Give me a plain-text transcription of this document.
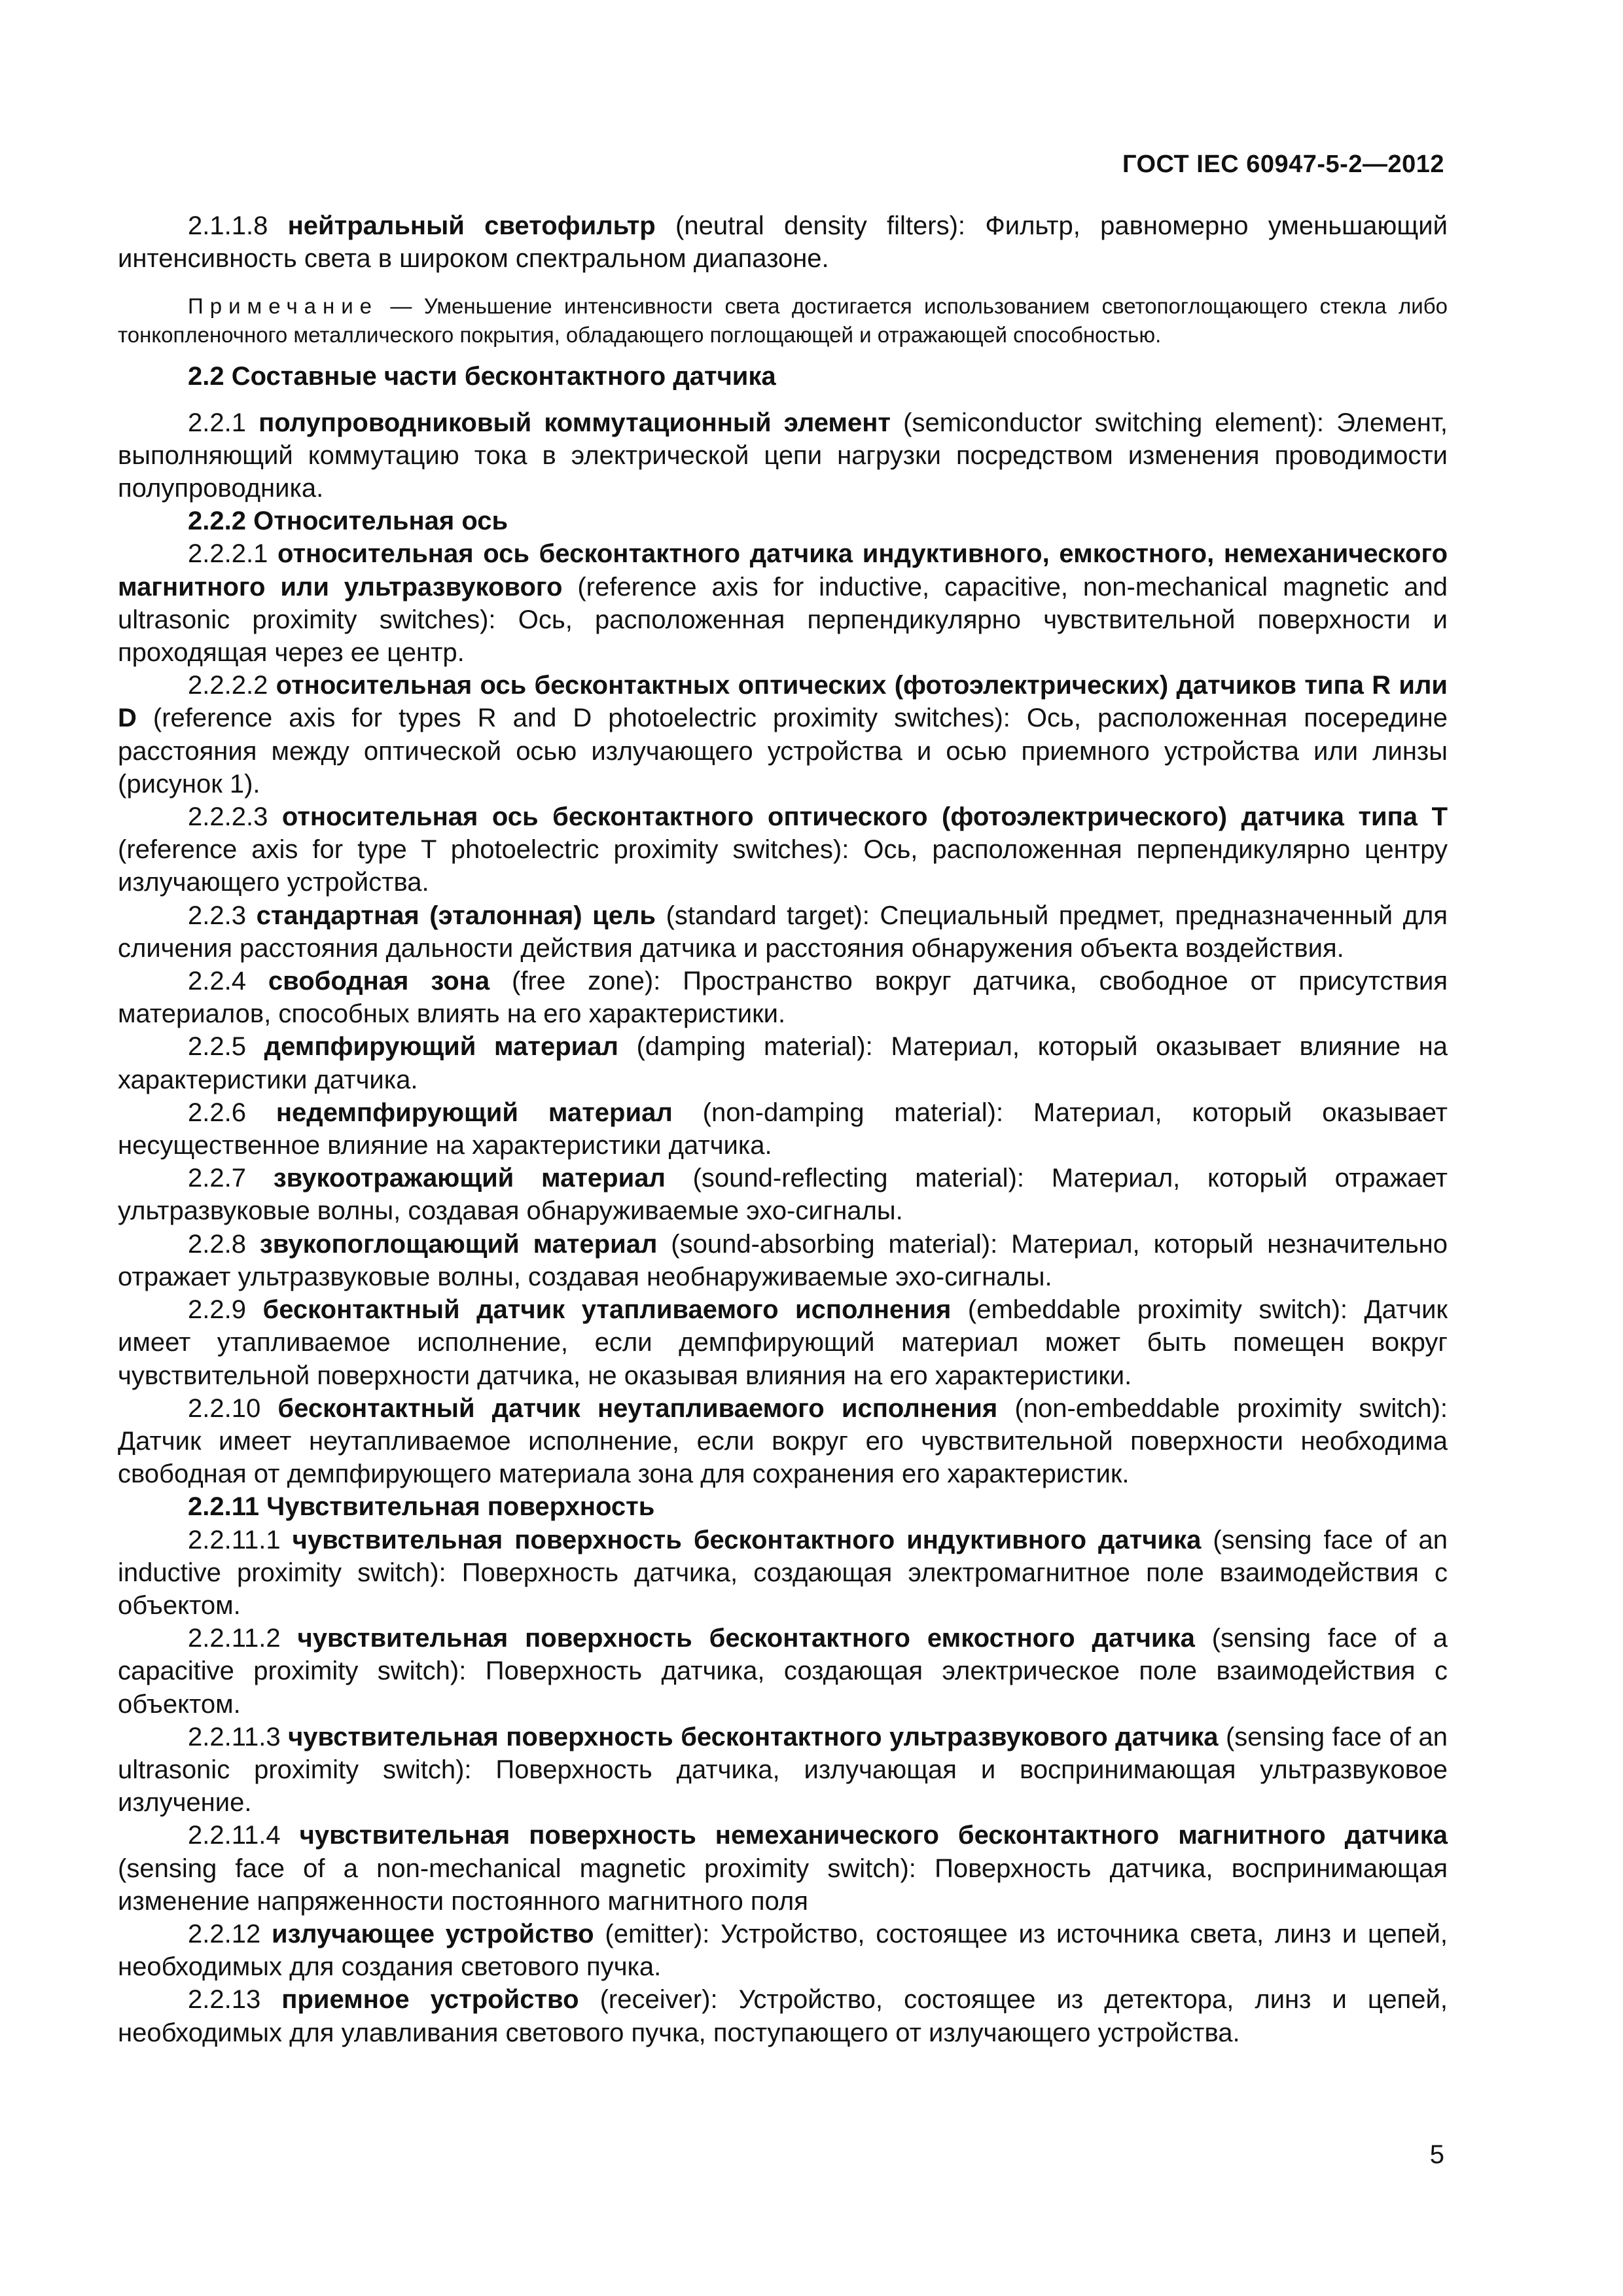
ГОСТ IEC 60947-5-2—2012

2.1.1.8 нейтральный светофильтр (neutral density filters): Фильтр, равномерно уменьшающий интенсивность света в широком спектральном диапазоне.

Примечание — Уменьшение интенсивности света достигается использованием светопоглощающего стекла либо тонкопленочного металлического покрытия, обладающего поглощающей и отражающей способностью.

2.2 Составные части бесконтактного датчика

2.2.1 полупроводниковый коммутационный элемент (semiconductor switching element): Элемент, выполняющий коммутацию тока в электрической цепи нагрузки посредством изменения проводимости полупроводника.

2.2.2 Относительная ось

2.2.2.1 относительная ось бесконтактного датчика индуктивного, емкостного, немеханического магнитного или ультразвукового (reference axis for inductive, capacitive, non-mechanical magnetic and ultrasonic proximity switches): Ось, расположенная перпендикулярно чувствительной поверхности и проходящая через ее центр.

2.2.2.2 относительная ось бесконтактных оптических (фотоэлектрических) датчиков типа R или D (reference axis for types R and D photoelectric proximity switches): Ось, расположенная посередине расстояния между оптической осью излучающего устройства и осью приемного устройства или линзы (рисунок 1).

2.2.2.3 относительная ось бесконтактного оптического (фотоэлектрического) датчика типа Т (reference axis for type T photoelectric proximity switches): Ось, расположенная перпендикулярно центру излучающего устройства.

2.2.3 стандартная (эталонная) цель (standard target): Специальный предмет, предназначенный для сличения расстояния дальности действия датчика и расстояния обнаружения объекта воздействия.

2.2.4 свободная зона (free zone): Пространство вокруг датчика, свободное от присутствия материалов, способных влиять на его характеристики.

2.2.5 демпфирующий материал (damping material): Материал, который оказывает влияние на характеристики датчика.

2.2.6 недемпфирующий материал (non-damping material): Материал, который оказывает несущественное влияние на характеристики датчика.

2.2.7 звукоотражающий материал (sound-reflecting material): Материал, который отражает ультразвуковые волны, создавая обнаруживаемые эхо-сигналы.

2.2.8 звукопоглощающий материал (sound-absorbing material): Материал, который незначительно отражает ультразвуковые волны, создавая необнаруживаемые эхо-сигналы.

2.2.9 бесконтактный датчик утапливаемого исполнения (embeddable proximity switch): Датчик имеет утапливаемое исполнение, если демпфирующий материал может быть помещен вокруг чувствительной поверхности датчика, не оказывая влияния на его характеристики.

2.2.10 бесконтактный датчик неутапливаемого исполнения (non-embeddable proximity switch): Датчик имеет неутапливаемое исполнение, если вокруг его чувствительной поверхности необходима свободная от демпфирующего материала зона для сохранения его характеристик.

2.2.11 Чувствительная поверхность

2.2.11.1 чувствительная поверхность бесконтактного индуктивного датчика (sensing face of an inductive proximity switch): Поверхность датчика, создающая электромагнитное поле взаимодействия с объектом.

2.2.11.2 чувствительная поверхность бесконтактного емкостного датчика (sensing face of a capacitive proximity switch): Поверхность датчика, создающая электрическое поле взаимодействия с объектом.

2.2.11.3 чувствительная поверхность бесконтактного ультразвукового датчика (sensing face of an ultrasonic proximity switch): Поверхность датчика, излучающая и воспринимающая ультразвуковое излучение.

2.2.11.4 чувствительная поверхность немеханического бесконтактного магнитного датчика (sensing face of a non-mechanical magnetic proximity switch): Поверхность датчика, воспринимающая изменение напряженности постоянного магнитного поля

2.2.12 излучающее устройство (emitter): Устройство, состоящее из источника света, линз и цепей, необходимых для создания светового пучка.

2.2.13 приемное устройство (receiver): Устройство, состоящее из детектора, линз и цепей, необходимых для улавливания светового пучка, поступающего от излучающего устройства.

5
